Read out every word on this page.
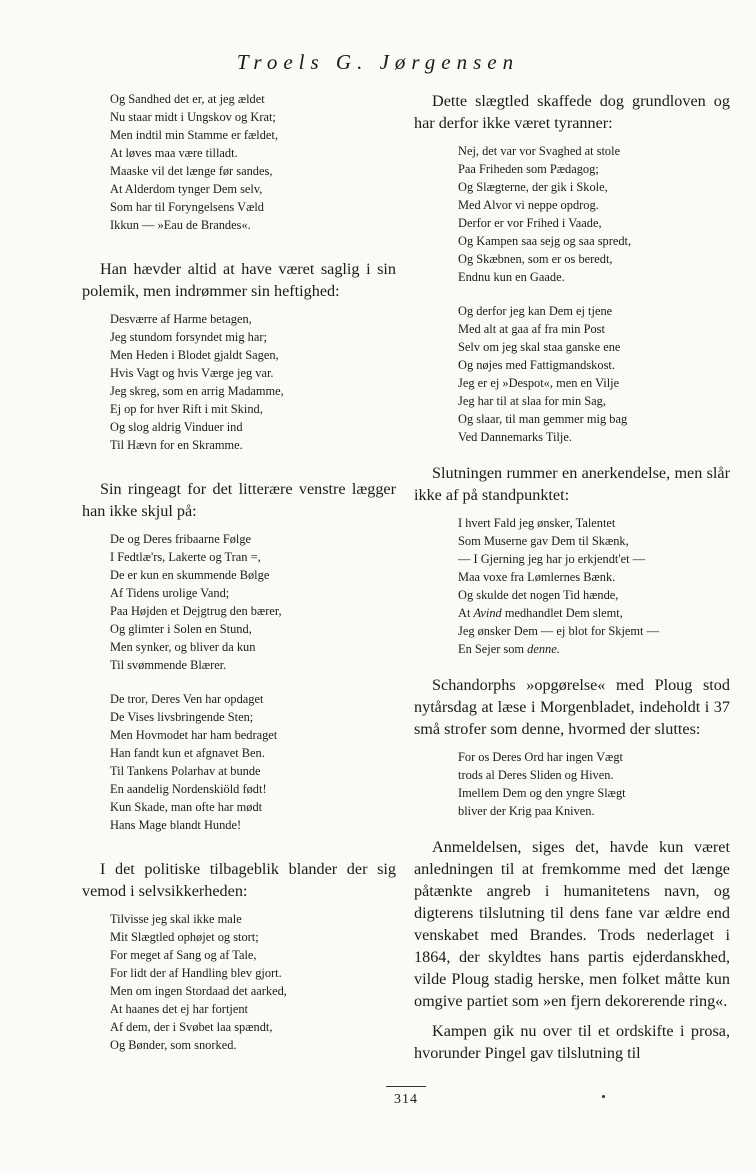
Troels G. Jørgensen
Og Sandhed det er, at jeg ældet
Nu staar midt i Ungskov og Krat;
Men indtil min Stamme er fældet,
At løves maa være tilladt.
Maaske vil det længe før sandes,
At Alderdom tynger Dem selv,
Som har til Foryngelsens Væld
Ikkun — »Eau de Brandes«.

Han hævder altid at have været saglig i sin polemik, men indrømmer sin heftighed:

Desværre af Harme betagen,
Jeg stundom forsyndet mig har;
Men Heden i Blodet gjaldt Sagen,
Hvis Vagt og hvis Værge jeg var.
Jeg skreg, som en arrig Madamme,
Ej op for hver Rift i mit Skind,
Og slog aldrig Vinduer ind
Til Hævn for en Skramme.

Sin ringeagt for det litterære venstre lægger han ikke skjul på:

De og Deres fribaarne Følge
I Fedtlæ'rs, Lakerte og Tran =,
De er kun en skummende Bølge
Af Tidens urolige Vand;
Paa Højden et Dejgtrug den bærer,
Og glimter i Solen en Stund,
Men synker, og bliver da kun
Til svømmende Blærer.
De tror, Deres Ven har opdaget
De Vises livsbringende Sten;
Men Hovmodet har ham bedraget
Han fandt kun et afgnavet Ben.
Til Tankens Polarhav at bunde
En aandelig Nordenskiöld født!
Kun Skade, man ofte har mødt
Hans Mage blandt Hunde!

I det politiske tilbageblik blander der sig vemod i selvsikkerheden:

Tilvisse jeg skal ikke male
Mit Slægtled ophøjet og stort;
For meget af Sang og af Tale,
For lidt der af Handling blev gjort.
Men om ingen Stordaad det aarked,
At haanes det ej har fortjent
Af dem, der i Svøbet laa spændt,
Og Bønder, som snorked.

Dette slægtled skaffede dog grundloven og har derfor ikke været tyranner:

Nej, det var vor Svaghed at stole
Paa Friheden som Pædagog;
Og Slægterne, der gik i Skole,
Med Alvor vi neppe opdrog.
Derfor er vor Frihed i Vaade,
Og Kampen saa sejg og saa spredt,
Og Skæbnen, som er os beredt,
Endnu kun en Gaade.
Og derfor jeg kan Dem ej tjene
Med alt at gaa af fra min Post
Selv om jeg skal staa ganske ene
Og nøjes med Fattigmandskost.
Jeg er ej »Despot«, men en Vilje
Jeg har til at slaa for min Sag,
Og slaar, til man gemmer mig bag
Ved Dannemarks Tilje.

Slutningen rummer en anerkendelse, men slår ikke af på standpunktet:

I hvert Fald jeg ønsker, Talentet
Som Muserne gav Dem til Skænk,
— I Gjerning jeg har jo erkjendt'et —
Maa voxe fra Lømlernes Bænk.
Og skulde det nogen Tid hænde,
At Avind medhandlet Dem slemt,
Jeg ønsker Dem — ej blot for Skjemt —
En Sejer som denne.

Schandorphs »opgørelse« med Ploug stod nytårsdag at læse i Morgenbladet, indeholdt i 37 små strofer som denne, hvormed der sluttes:

For os Deres Ord har ingen Vægt
trods al Deres Sliden og Hiven.
Imellem Dem og den yngre Slægt
bliver der Krig paa Kniven.

Anmeldelsen, siges det, havde kun været anledningen til at fremkomme med det længe påtænkte angreb i humanitetens navn, og digterens tilslutning til dens fane var ældre end venskabet med Brandes. Trods nederlaget i 1864, der skyldtes hans partis ejderdanskhed, vilde Ploug stadig herske, men folket måtte kun omgive partiet som »en fjern dekorerende ring«.

Kampen gik nu over til et ordskifte i prosa, hvorunder Pingel gav tilslutning til

314
